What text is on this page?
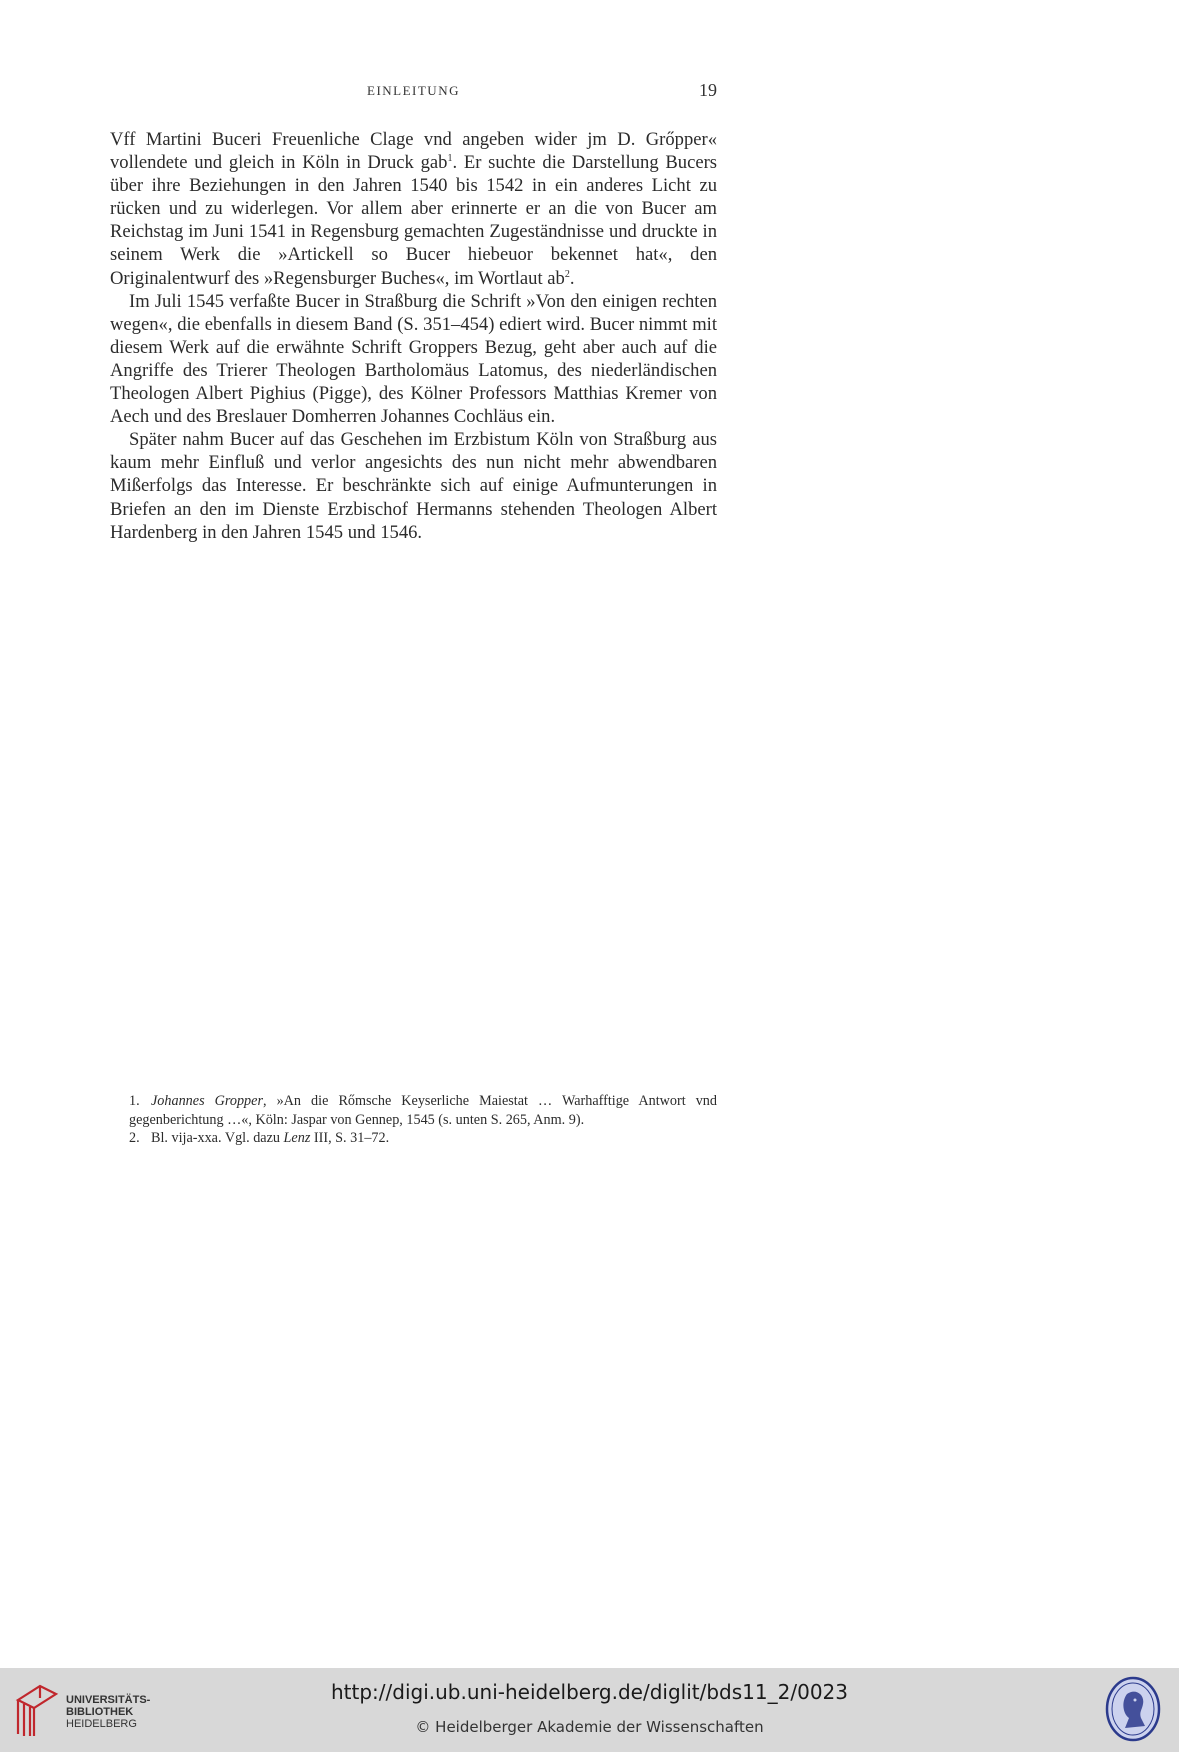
EINLEITUNG	19

Vff Martini Buceri Freuenliche Clage vnd angeben wider jm D. Grőpper« vollendete und gleich in Köln in Druck gab$^1$. Er suchte die Darstellung Bucers über ihre Beziehungen in den Jahren 1540 bis 1542 in ein anderes Licht zu rücken und zu widerlegen. Vor allem aber erinnerte er an die von Bucer am Reichstag im Juni 1541 in Regensburg gemachten Zugeständnisse und druckte in seinem Werk die »Artickell so Bucer hiebeuor bekennet hat«, den Originalentwurf des »Regensburger Buches«, im Wortlaut $ab^2$.

Im Juli 1545 verfaßte Bucer in Straßburg die Schrift »Von den einigen rechten wegen«, die ebenfalls in diesem Band (S. 351–454) ediert wird. Bucer nimmt mit diesem Werk auf die erwähnte Schrift Groppers Bezug, geht aber auch auf die Angriffe des Trierer Theologen Bartholomäus Latomus, des niederländischen Theologen Albert Pighius (Pigge), des Kölner Professors Matthias Kremer von Aech und des Breslauer Domherren Johannes Cochläus ein.

Später nahm Bucer auf das Geschehen im Erzbistum Köln von Straßburg aus kaum mehr Einfluß und verlor angesichts des nun nicht mehr abwendbaren Mißerfolgs das Interesse. Er beschränkte sich auf einige Aufmunterungen in Briefen an den im Dienste Erzbischof Hermanns stehenden Theologen Albert Hardenberg in den Jahren 1545 und 1546.

1. Johannes Gropper, »An die Rőmsche Keyserliche Maiestat … Warhafftige Antwort vnd gegenberichtung …«, Köln: Jaspar von Gennep, 1545 (s. unten S. 265, Anm. 9).

2. Bl. vija-xxa. Vgl. dazu Lenz III, S. 31–72.

UNIVERSITÄTS-
BIBLIOTHEK
HEIDELBERG
http://digi.ub.uni-heidelberg.de/diglit/bds11_2/0023
© Heidelberger Akademie der Wissenschaften
